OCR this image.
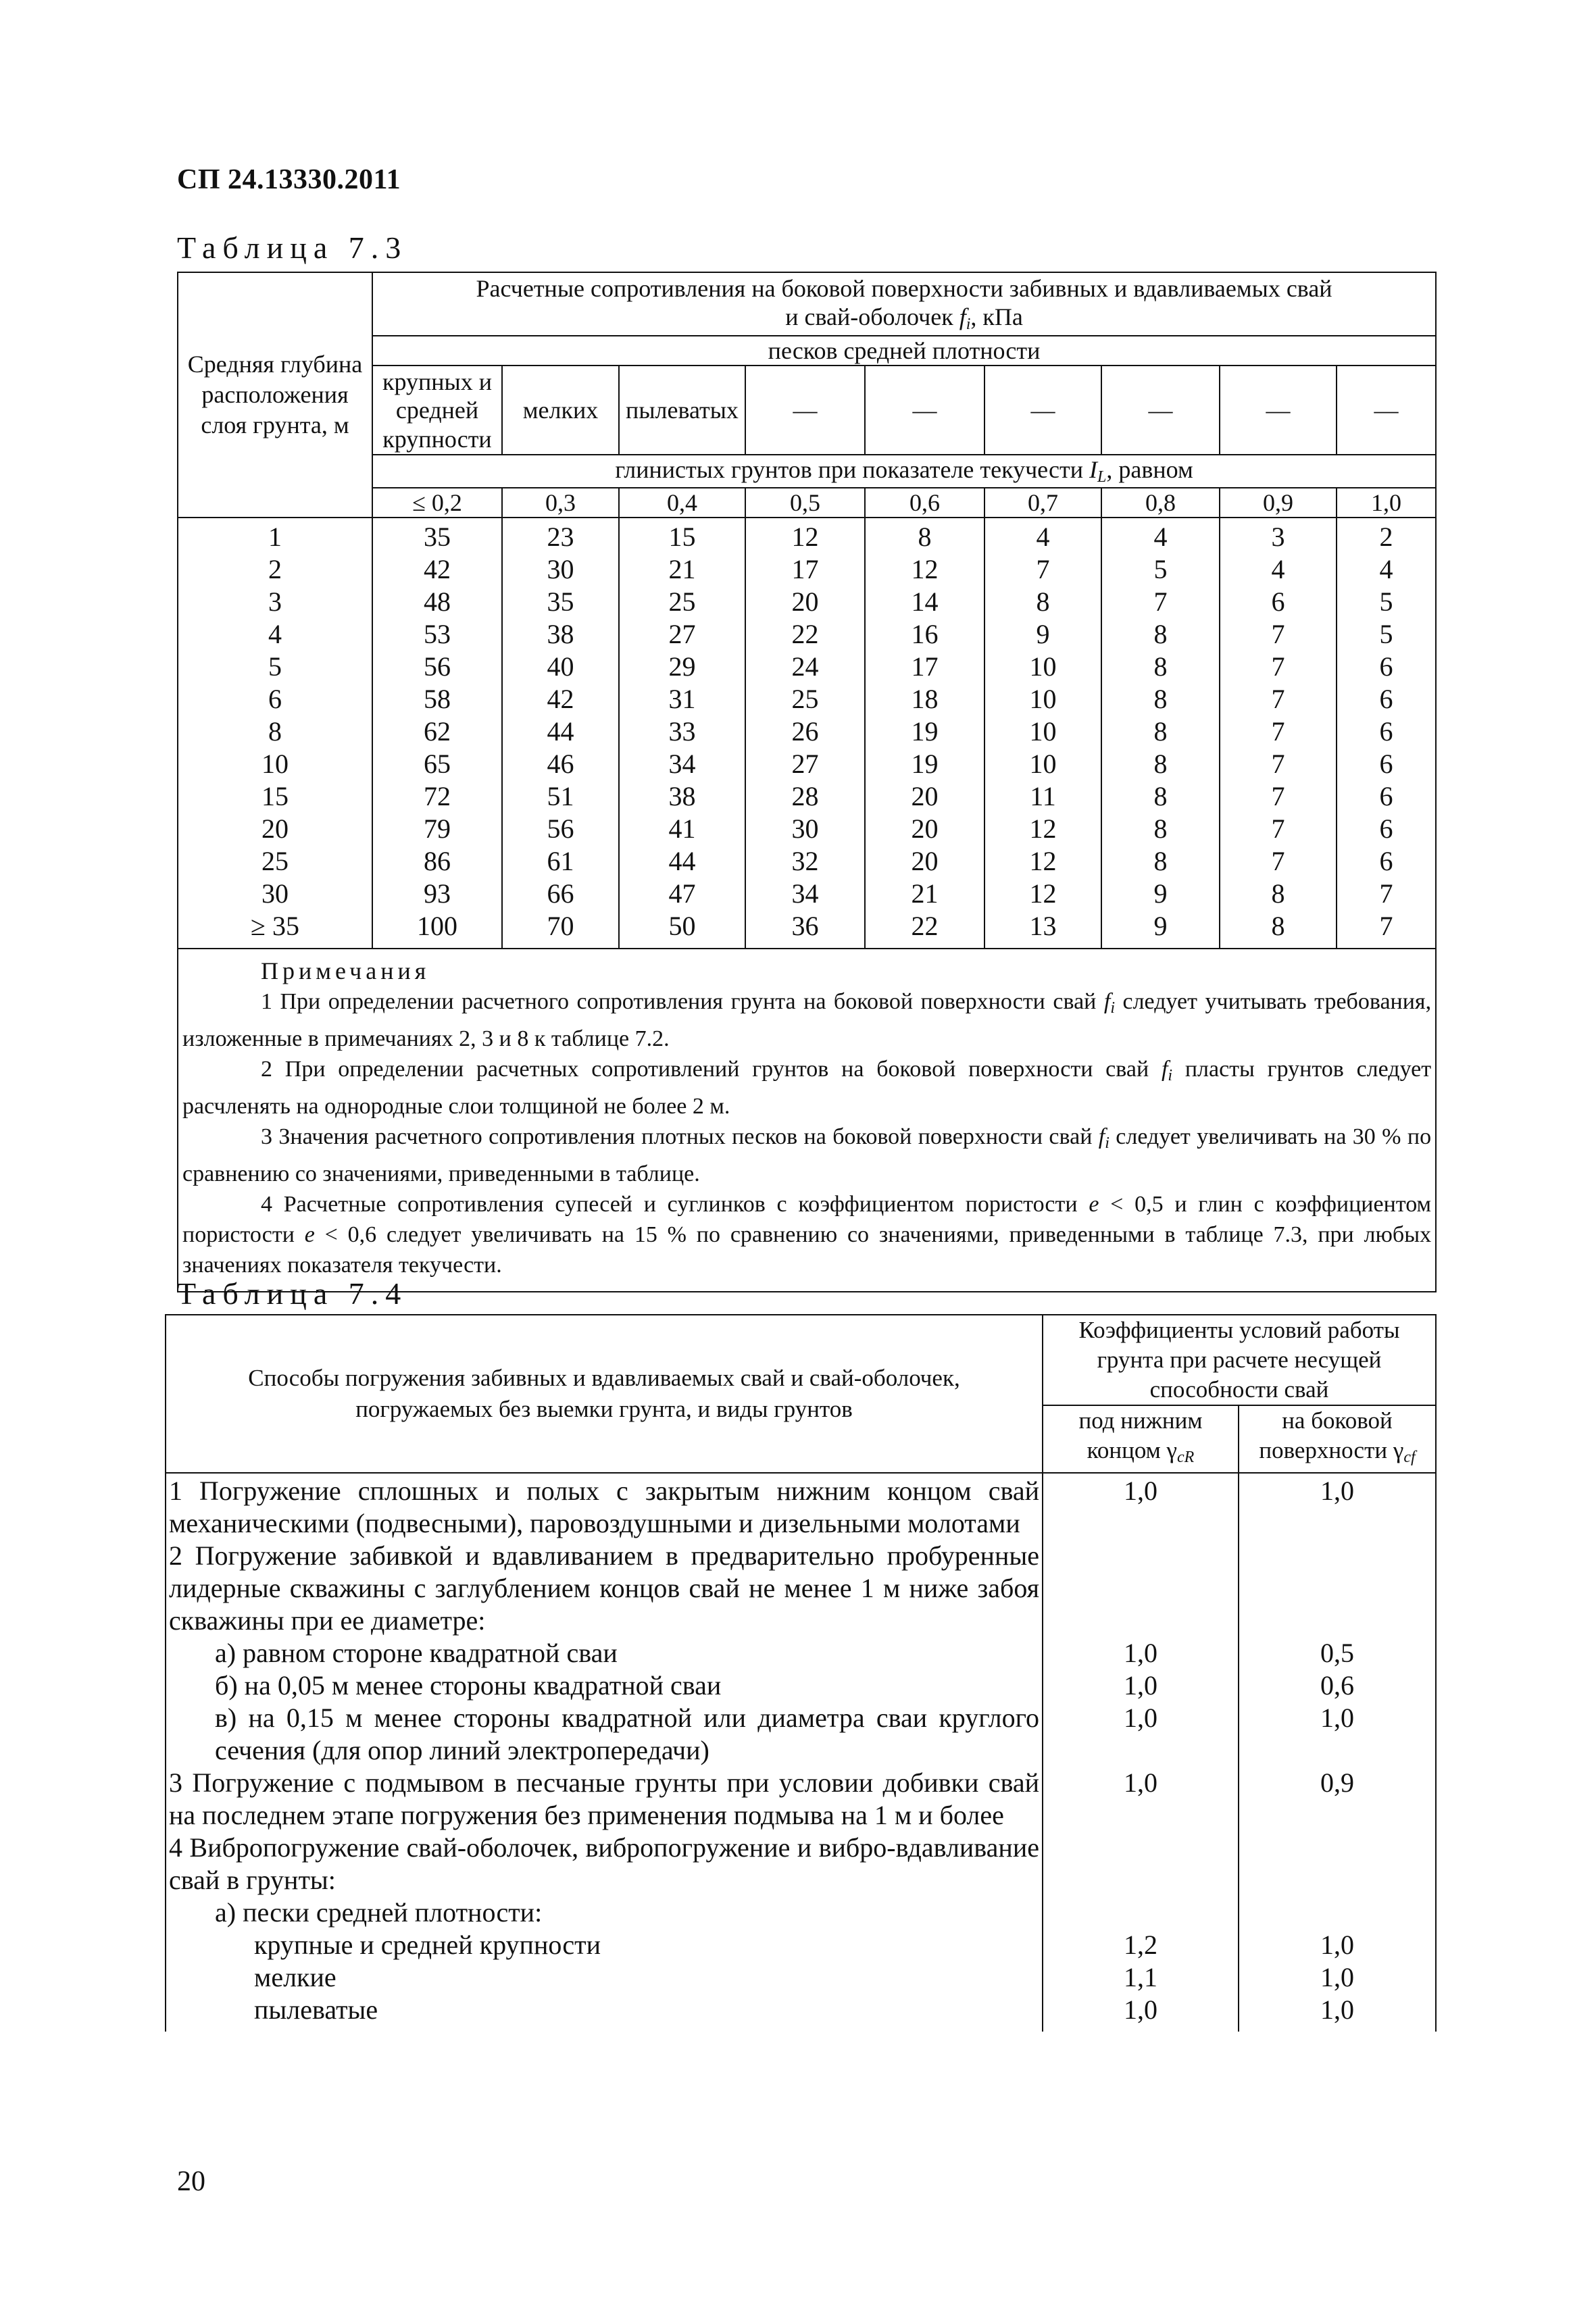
СП 24.13330.2011
Таблица 7.3
Средняя глубина расположения слоя грунта, м	Расчетные сопротивления на боковой поверхности забивных и вдавливаемых свай
и свай-оболочек $f_i$, кПа								

	песков средней плотности								
	крупных и средней крупности	мелких	пылеватых	—	—	—	—	—	—
	глинистых грунтов при показателе текучести $I_L$, равном								
	≤ 0,2	0,3	0,4	0,5	0,6	0,7	0,8	0,9	1,0
1	35	23	15	12	8	4	4	3	2
2	42	30	21	17	12	7	5	4	4
3	48	35	25	20	14	8	7	6	5
4	53	38	27	22	16	9	8	7	5
5	56	40	29	24	17	10	8	7	6
6	58	42	31	25	18	10	8	7	6
8	62	44	33	26	19	10	8	7	6
10	65	46	34	27	19	10	8	7	6
15	72	51	38	28	20	11	8	7	6
20	79	56	41	30	20	12	8	7	6
25	86	61	44	32	20	12	8	7	6
30	93	66	47	34	21	12	9	8	7
≥ 35	100	70	50	36	22	13	9	8	7

Примечания

1 При определении расчетного сопротивления грунта на боковой поверхности свай $f_i$ следует учитывать требования, изложенные в примечаниях 2, 3 и 8 к таблице 7.2.

2 При определении расчетных сопротивлений грунтов на боковой поверхности свай $f_i$ пласты грунтов следует расчленять на однородные слои толщиной не более 2 м.

3 Значения расчетного сопротивления плотных песков на боковой поверхности свай $f_i$ следует увеличивать на 30 % по сравнению со значениями, приведенными в таблице.

4 Расчетные сопротивления супесей и суглинков с коэффициентом пористости e < 0,5 и глин с коэффициентом пористости e < 0,6 следует увеличивать на 15 % по сравнению со значениями, приведенными в таблице 7.3, при любых значениях показателя текучести.									

Таблица 7.4
Способы погружения забивных и вдавливаемых свай и свай-оболочек, погружаемых без выемки грунта, и виды грунтов	Коэффициенты условий работы грунта при расчете несущей способности свай	
	под нижним концом $\gamma_{cR}$	на боковой поверхности $\gamma_{cf}$
1 Погружение сплошных и полых с закрытым нижним концом свай механическими (подвесными), паровоздушными и дизельными молотами	1,0	1,0
2 Погружение забивкой и вдавливанием в предварительно пробуренные лидерные скважины с заглублением концов свай не менее 1 м ниже забоя скважины при ее диаметре:		
а) равном стороне квадратной сваи	1,0	0,5
б) на 0,05 м менее стороны квадратной сваи	1,0	0,6
в) на 0,15 м менее стороны квадратной или диаметра сваи круглого сечения (для опор линий электропередачи)	1,0	1,0
3 Погружение с подмывом в песчаные грунты при условии добивки свай на последнем этапе погружения без применения подмыва на 1 м и более	1,0	0,9
4 Вибропогружение свай-оболочек, вибропогружение и вибро-вдавливание свай в грунты:		
а) пески средней плотности:		
крупные и средней крупности	1,2	1,0
мелкие	1,1	1,0
пылеватые	1,0	1,0
20
